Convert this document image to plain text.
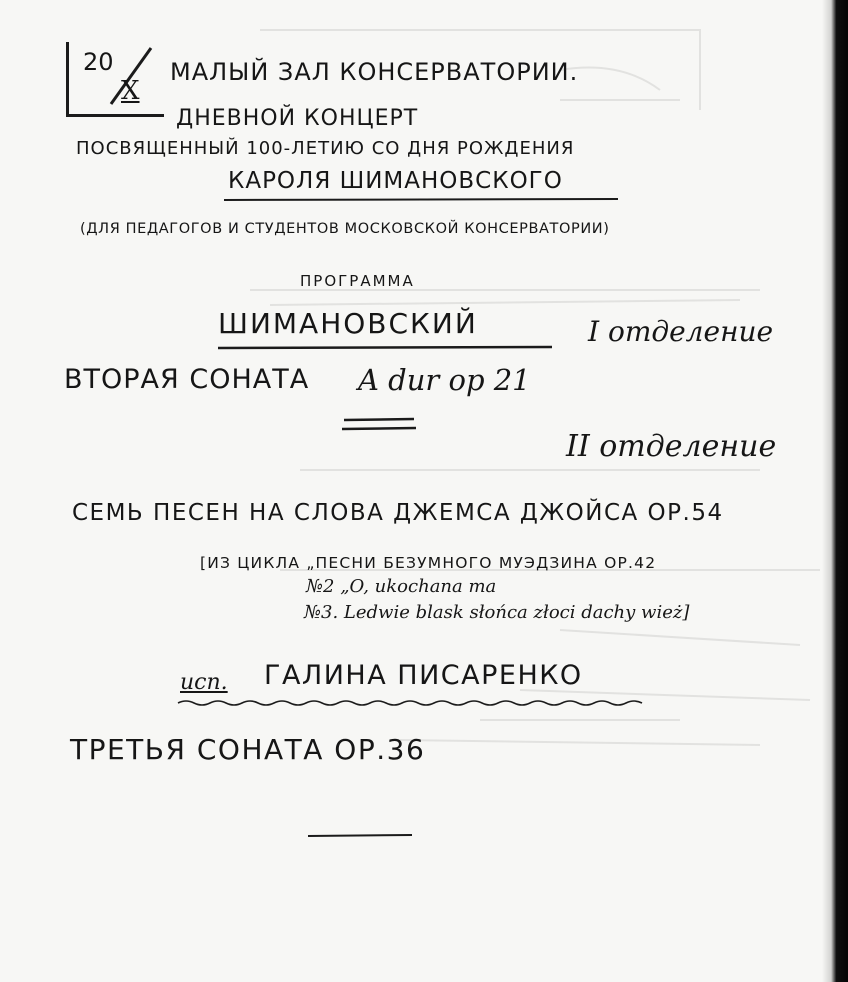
20
X
МАЛЫЙ ЗАЛ КОНСЕРВАТОРИИ.
ДНЕВНОЙ КОНЦЕРТ
ПОСВЯЩЕННЫЙ 100-ЛЕТИЮ СО ДНЯ РОЖДЕНИЯ
КАРОЛЯ ШИМАНОВСКОГО
(ДЛЯ ПЕДАГОГОВ И СТУДЕНТОВ МОСКОВСКОЙ КОНСЕРВАТОРИИ)
ПРОГРАММА
ШИМАНОВСКИЙ	I отделение
ВТОРАЯ СОНАТА A dur op 21
II отделение
СЕМЬ ПЕСЕН НА СЛОВА ДЖЕМСА ДЖОЙСА ОР.54
[ИЗ ЦИКЛА „ПЕСНИ БЕЗУМНОГО МУЭДЗИНА ОР.42
№2 „O, ukochana ma
№3. Ledwie blask słońca złoci dachy wież]
исп. ГАЛИНА ПИСАРЕНКО
ТРЕТЬЯ СОНАТА ОР.36
